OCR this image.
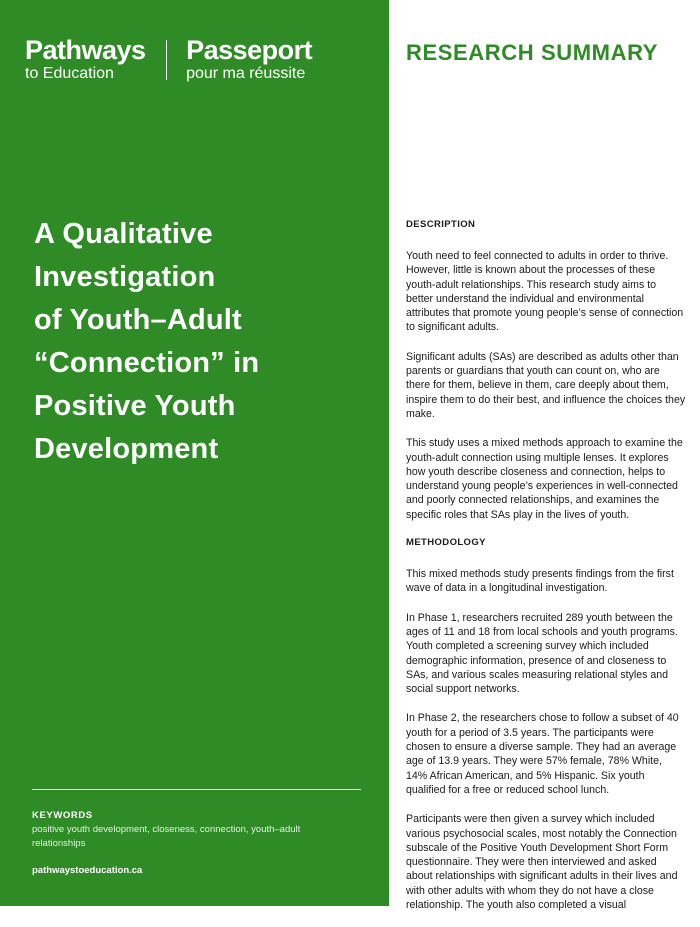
Pathways
to Education
Passeport
pour ma réussite
A Qualitative
Investigation
of Youth–Adult
“Connection” in
Positive Youth
Development
KEYWORDS
positive youth development, closeness, connection, youth–adult relationships
pathwaystoeducation.ca
RESEARCH SUMMARY
DESCRIPTION

Youth need to feel connected to adults in order to thrive. However, little is known about the processes of these youth-adult relationships. This research study aims to better understand the individual and environmental attributes that promote young people’s sense of connection to significant adults.

Significant adults (SAs) are described as adults other than parents or guardians that youth can count on, who are there for them, believe in them, care deeply about them, inspire them to do their best, and influence the choices they make.

This study uses a mixed methods approach to examine the youth-adult connection using multiple lenses. It explores how youth describe closeness and connection, helps to understand young people’s experiences in well-connected and poorly connected relationships, and examines the specific roles that SAs play in the lives of youth.

METHODOLOGY

This mixed methods study presents findings from the first wave of data in a longitudinal investigation.

In Phase 1, researchers recruited 289 youth between the ages of 11 and 18 from local schools and youth programs. Youth completed a screening survey which included demographic information, presence of and closeness to SAs, and various scales measuring relational styles and social support networks.

In Phase 2, the researchers chose to follow a subset of 40 youth for a period of 3.5 years. The participants were chosen to ensure a diverse sample. They had an average age of 13.9 years. They were 57% female, 78% White, 14% African American, and 5% Hispanic. Six youth qualified for a free or reduced school lunch.

Participants were then given a survey which included various psychosocial scales, most notably the Connection subscale of the Positive Youth Development Short Form questionnaire. They were then interviewed and asked about relationships with significant adults in their lives and with other adults with whom they do not have a close relationship. The youth also completed a visual
